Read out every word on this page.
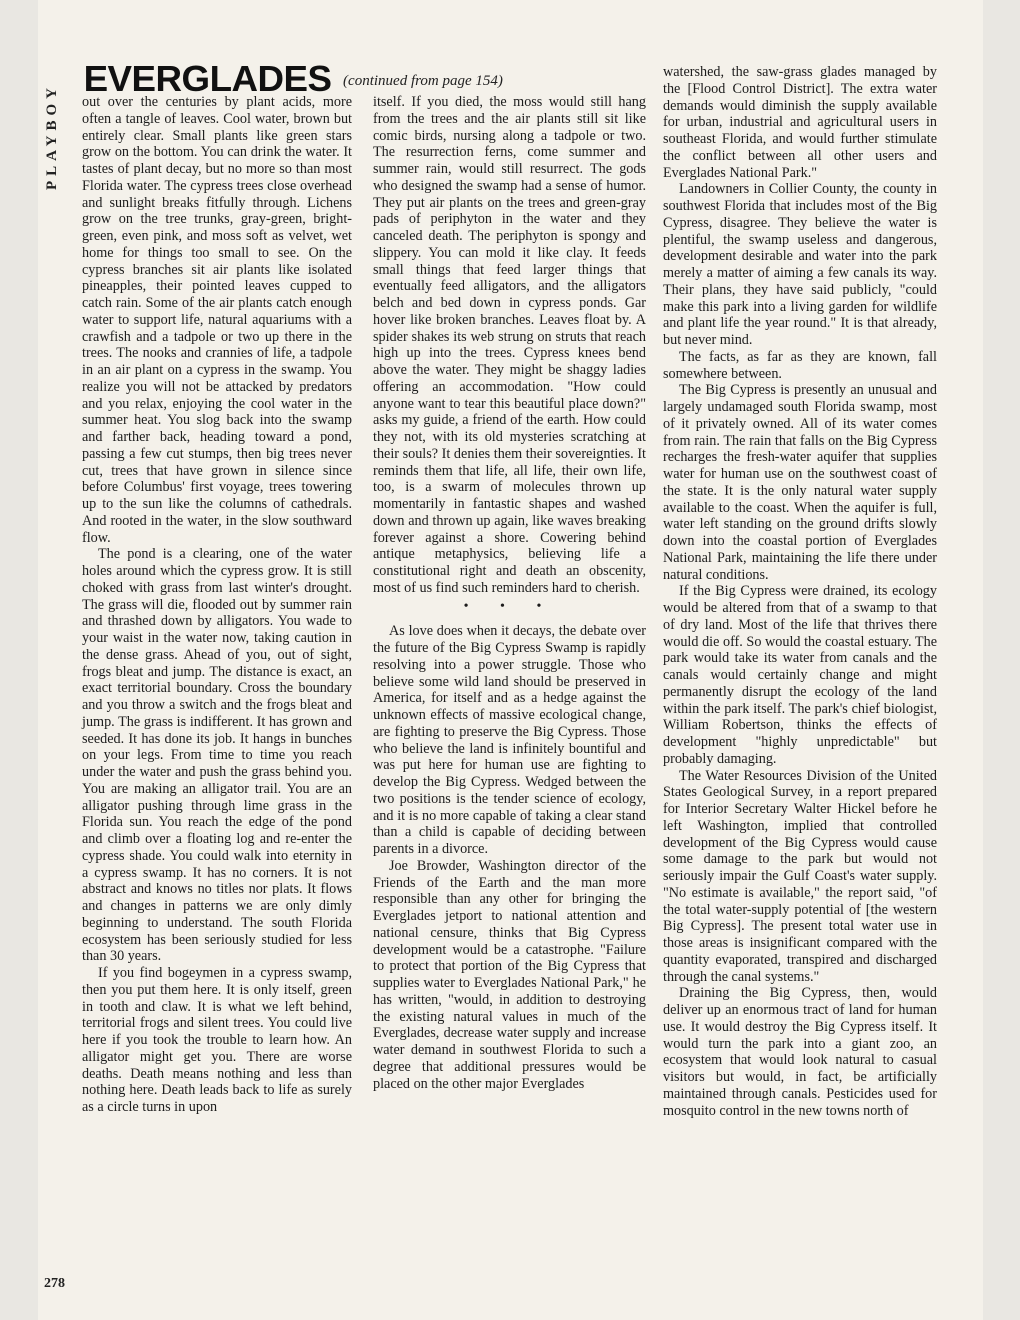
PLAYBOY
EVERGLADES (continued from page 154)

out over the centuries by plant acids, more often a tangle of leaves. Cool water, brown but entirely clear. Small plants like green stars grow on the bottom. You can drink the water. It tastes of plant decay, but no more so than most Florida water. The cypress trees close overhead and sunlight breaks fitfully through. Lichens grow on the tree trunks, gray-green, bright-green, even pink, and moss soft as velvet, wet home for things too small to see. On the cypress branches sit air plants like isolated pineapples, their pointed leaves cupped to catch rain. Some of the air plants catch enough water to support life, natural aquariums with a crawfish and a tadpole or two up there in the trees. The nooks and crannies of life, a tadpole in an air plant on a cypress in the swamp. You realize you will not be attacked by predators and you relax, enjoying the cool water in the summer heat. You slog back into the swamp and farther back, heading toward a pond, passing a few cut stumps, then big trees never cut, trees that have grown in silence since before Columbus' first voyage, trees towering up to the sun like the columns of cathedrals. And rooted in the water, in the slow southward flow.

The pond is a clearing, one of the water holes around which the cypress grow. It is still choked with grass from last winter's drought. The grass will die, flooded out by summer rain and thrashed down by alligators. You wade to your waist in the water now, taking caution in the dense grass. Ahead of you, out of sight, frogs bleat and jump. The distance is exact, an exact territorial boundary. Cross the boundary and you throw a switch and the frogs bleat and jump. The grass is indifferent. It has grown and seeded. It has done its job. It hangs in bunches on your legs. From time to time you reach under the water and push the grass behind you. You are making an alligator trail. You are an alligator pushing through lime grass in the Florida sun. You reach the edge of the pond and climb over a floating log and re-enter the cypress shade. You could walk into eternity in a cypress swamp. It has no corners. It is not abstract and knows no titles nor plats. It flows and changes in patterns we are only dimly beginning to understand. The south Florida ecosystem has been seriously studied for less than 30 years.

If you find bogeymen in a cypress swamp, then you put them here. It is only itself, green in tooth and claw. It is what we left behind, territorial frogs and silent trees. You could live here if you took the trouble to learn how. An alligator might get you. There are worse deaths. Death means nothing and less than nothing here. Death leads back to life as surely as a circle turns in upon

itself. If you died, the moss would still hang from the trees and the air plants still sit like comic birds, nursing along a tadpole or two. The resurrection ferns, come summer and summer rain, would still resurrect. The gods who designed the swamp had a sense of humor. They put air plants on the trees and green-gray pads of periphyton in the water and they canceled death. The periphyton is spongy and slippery. You can mold it like clay. It feeds small things that feed larger things that eventually feed alligators, and the alligators belch and bed down in cypress ponds. Gar hover like broken branches. Leaves float by. A spider shakes its web strung on struts that reach high up into the trees. Cypress knees bend above the water. They might be shaggy ladies offering an accommodation. "How could anyone want to tear this beautiful place down?" asks my guide, a friend of the earth. How could they not, with its old mysteries scratching at their souls? It denies them their sovereignties. It reminds them that life, all life, their own life, too, is a swarm of molecules thrown up momentarily in fantastic shapes and washed down and thrown up again, like waves breaking forever against a shore. Cowering behind antique metaphysics, believing life a constitutional right and death an obscenity, most of us find such reminders hard to cherish.

• • •

As love does when it decays, the debate over the future of the Big Cypress Swamp is rapidly resolving into a power struggle. Those who believe some wild land should be preserved in America, for itself and as a hedge against the unknown effects of massive ecological change, are fighting to preserve the Big Cypress. Those who believe the land is infinitely bountiful and was put here for human use are fighting to develop the Big Cypress. Wedged between the two positions is the tender science of ecology, and it is no more capable of taking a clear stand than a child is capable of deciding between parents in a divorce.

Joe Browder, Washington director of the Friends of the Earth and the man more responsible than any other for bringing the Everglades jetport to national attention and national censure, thinks that Big Cypress development would be a catastrophe. "Failure to protect that portion of the Big Cypress that supplies water to Everglades National Park," he has written, "would, in addition to destroying the existing natural values in much of the Everglades, decrease water supply and increase water demand in southwest Florida to such a degree that additional pressures would be placed on the other major Everglades

watershed, the saw-grass glades managed by the [Flood Control District]. The extra water demands would diminish the supply available for urban, industrial and agricultural users in southeast Florida, and would further stimulate the conflict between all other users and Everglades National Park."

Landowners in Collier County, the county in southwest Florida that includes most of the Big Cypress, disagree. They believe the water is plentiful, the swamp useless and dangerous, development desirable and water into the park merely a matter of aiming a few canals its way. Their plans, they have said publicly, "could make this park into a living garden for wildlife and plant life the year round." It is that already, but never mind.

The facts, as far as they are known, fall somewhere between.

The Big Cypress is presently an unusual and largely undamaged south Florida swamp, most of it privately owned. All of its water comes from rain. The rain that falls on the Big Cypress recharges the fresh-water aquifer that supplies water for human use on the southwest coast of the state. It is the only natural water supply available to the coast. When the aquifer is full, water left standing on the ground drifts slowly down into the coastal portion of Everglades National Park, maintaining the life there under natural conditions.

If the Big Cypress were drained, its ecology would be altered from that of a swamp to that of dry land. Most of the life that thrives there would die off. So would the coastal estuary. The park would take its water from canals and the canals would certainly change and might permanently disrupt the ecology of the land within the park itself. The park's chief biologist, William Robertson, thinks the effects of development "highly unpredictable" but probably damaging.

The Water Resources Division of the United States Geological Survey, in a report prepared for Interior Secretary Walter Hickel before he left Washington, implied that controlled development of the Big Cypress would cause some damage to the park but would not seriously impair the Gulf Coast's water supply. "No estimate is available," the report said, "of the total water-supply potential of [the western Big Cypress]. The present total water use in those areas is insignificant compared with the quantity evaporated, transpired and discharged through the canal systems."

Draining the Big Cypress, then, would deliver up an enormous tract of land for human use. It would destroy the Big Cypress itself. It would turn the park into a giant zoo, an ecosystem that would look natural to casual visitors but would, in fact, be artificially maintained through canals. Pesticides used for mosquito control in the new towns north of

278
